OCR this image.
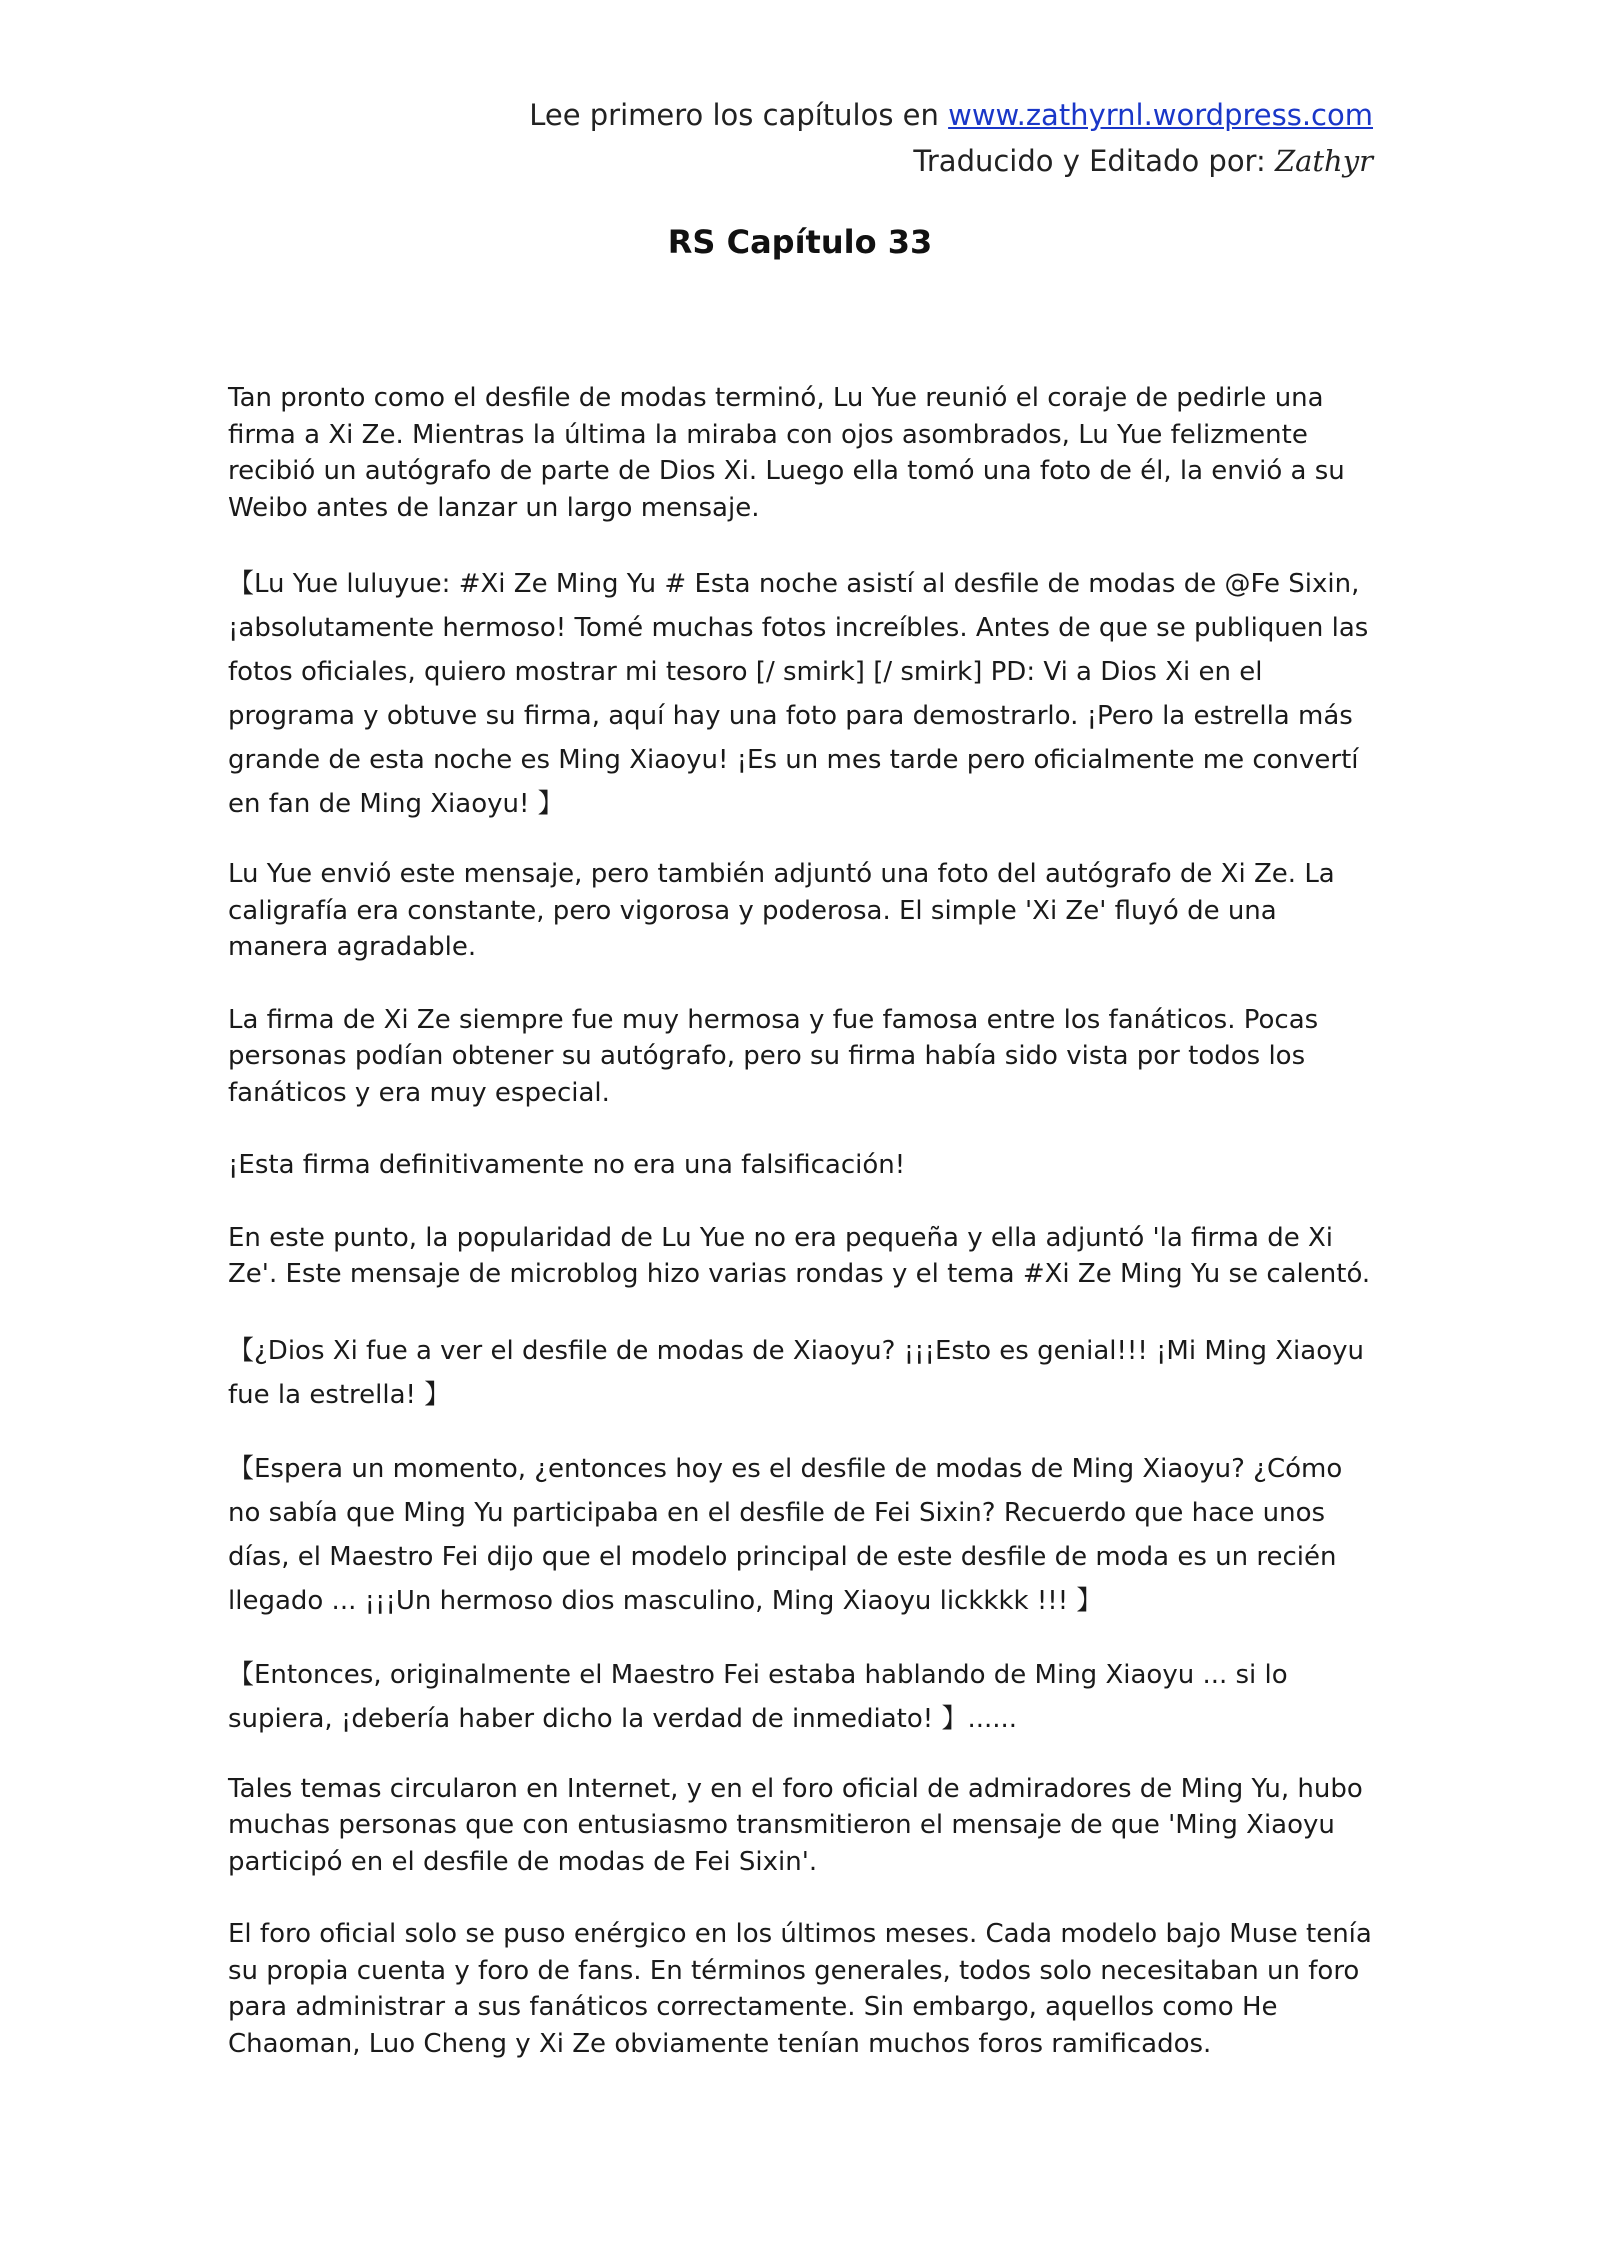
Lee primero los capítulos en www.zathyrnl.wordpress.com
Traducido y Editado por: Zathyr
RS Capítulo 33

Tan pronto como el desfile de modas terminó, Lu Yue reunió el coraje de pedirle una firma a Xi Ze. Mientras la última la miraba con ojos asombrados, Lu Yue felizmente recibió un autógrafo de parte de Dios Xi. Luego ella tomó una foto de él, la envió a su Weibo antes de lanzar un largo mensaje.

【Lu Yue luluyue: #Xi Ze Ming Yu # Esta noche asistí al desfile de modas de @Fe Sixin, ¡absolutamente hermoso! Tomé muchas fotos increíbles. Antes de que se publiquen las fotos oficiales, quiero mostrar mi tesoro [/ smirk] [/ smirk] PD: Vi a Dios Xi en el programa y obtuve su firma, aquí hay una foto para demostrarlo. ¡Pero la estrella más grande de esta noche es Ming Xiaoyu! ¡Es un mes tarde pero oficialmente me convertí en fan de Ming Xiaoyu! 】

Lu Yue envió este mensaje, pero también adjuntó una foto del autógrafo de Xi Ze. La caligrafía era constante, pero vigorosa y poderosa. El simple 'Xi Ze' fluyó de una manera agradable.

La firma de Xi Ze siempre fue muy hermosa y fue famosa entre los fanáticos. Pocas personas podían obtener su autógrafo, pero su firma había sido vista por todos los fanáticos y era muy especial.

¡Esta firma definitivamente no era una falsificación!

En este punto, la popularidad de Lu Yue no era pequeña y ella adjuntó 'la firma de Xi Ze'. Este mensaje de microblog hizo varias rondas y el tema #Xi Ze Ming Yu se calentó.

【¿Dios Xi fue a ver el desfile de modas de Xiaoyu? ¡¡¡Esto es genial!!! ¡Mi Ming Xiaoyu fue la estrella! 】

【Espera un momento, ¿entonces hoy es el desfile de modas de Ming Xiaoyu? ¿Cómo no sabía que Ming Yu participaba en el desfile de Fei Sixin? Recuerdo que hace unos días, el Maestro Fei dijo que el modelo principal de este desfile de moda es un recién llegado ... ¡¡¡Un hermoso dios masculino, Ming Xiaoyu lickkkk !!! 】

【Entonces, originalmente el Maestro Fei estaba hablando de Ming Xiaoyu ... si lo supiera, ¡debería haber dicho la verdad de inmediato! 】......

Tales temas circularon en Internet, y en el foro oficial de admiradores de Ming Yu, hubo muchas personas que con entusiasmo transmitieron el mensaje de que 'Ming Xiaoyu participó en el desfile de modas de Fei Sixin'.

El foro oficial solo se puso enérgico en los últimos meses. Cada modelo bajo Muse tenía su propia cuenta y foro de fans. En términos generales, todos solo necesitaban un foro para administrar a sus fanáticos correctamente. Sin embargo, aquellos como He Chaoman, Luo Cheng y Xi Ze obviamente tenían muchos foros ramificados.
